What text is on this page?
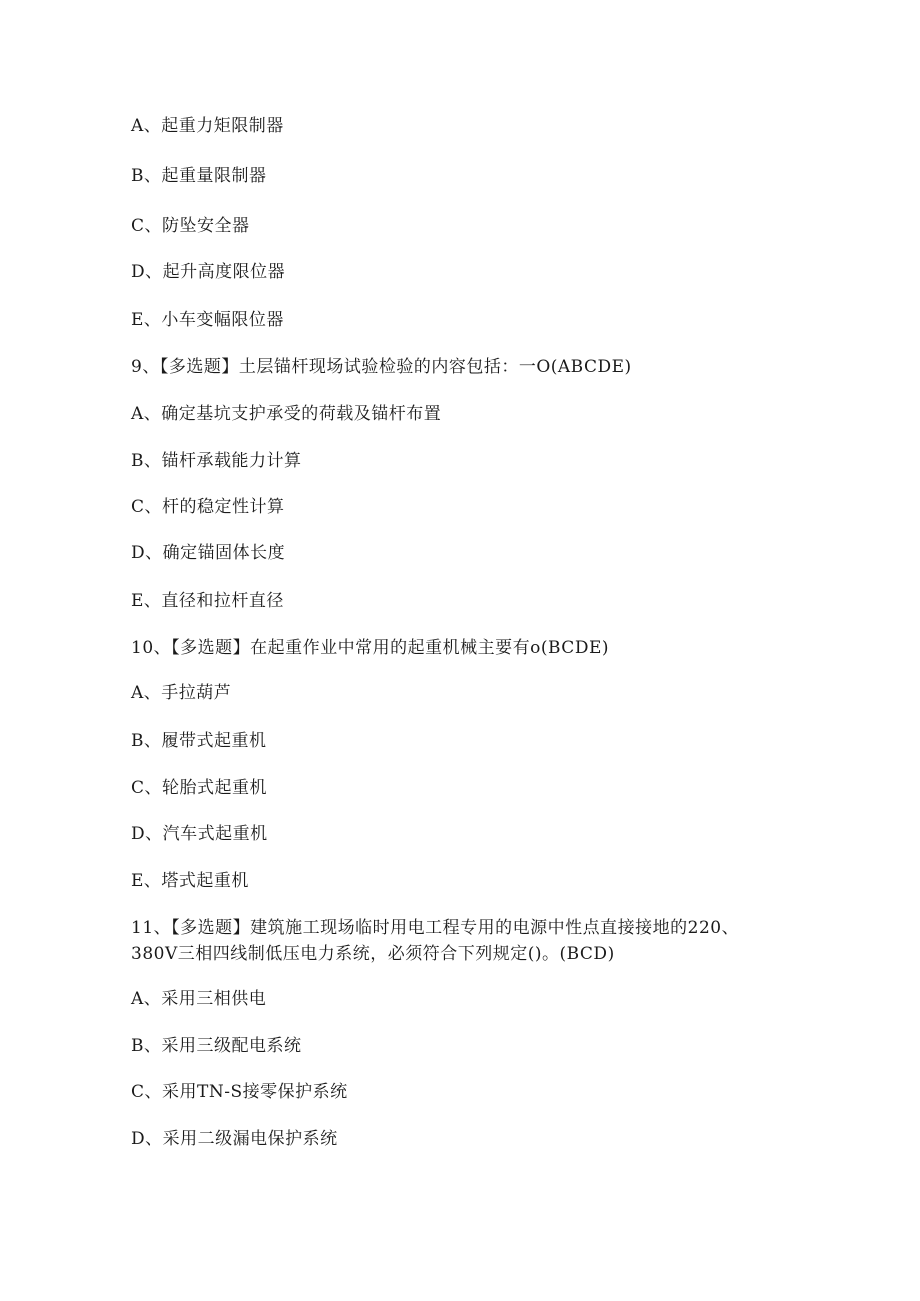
A、起重力矩限制器
B、起重量限制器
C、防坠安全器
D、起升高度限位器
E、小车变幅限位器
9、【多选题】土层锚杆现场试验检验的内容包括：一O(ABCDE)
A、确定基坑支护承受的荷载及锚杆布置
B、锚杆承载能力计算
C、杆的稳定性计算
D、确定锚固体长度
E、直径和拉杆直径
10、【多选题】在起重作业中常用的起重机械主要有o(BCDE)
A、手拉葫芦
B、履带式起重机
C、轮胎式起重机
D、汽车式起重机
E、塔式起重机
11、【多选题】建筑施工现场临时用电工程专用的电源中性点直接接地的220、
380V三相四线制低压电力系统，必须符合下列规定()。(BCD)
A、采用三相供电
B、采用三级配电系统
C、采用TN-S接零保护系统
D、采用二级漏电保护系统
